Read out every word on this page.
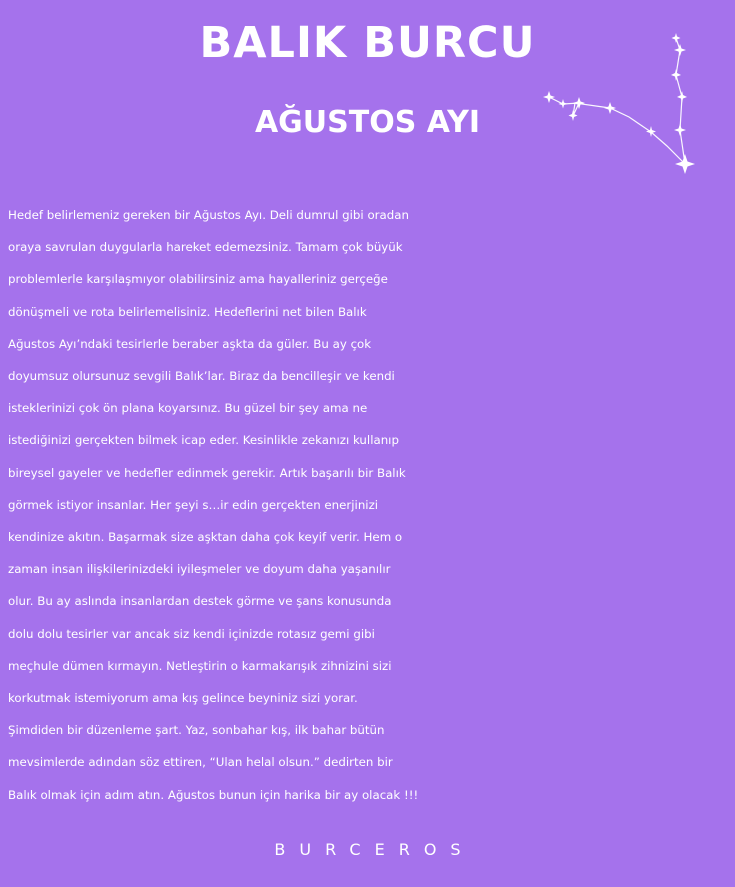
BALIK BURCU
AĞUSTOS AYI
Hedef belirlemeniz gereken bir Ağustos Ayı. Deli dumrul gibi oradan
oraya savrulan duygularla hareket edemezsiniz. Tamam çok büyük
problemlerle karşılaşmıyor olabilirsiniz ama hayalleriniz gerçeğe
dönüşmeli ve rota belirlemelisiniz. Hedeflerini net bilen Balık
Ağustos Ayı’ndaki tesirlerle beraber aşkta da güler. Bu ay çok
doyumsuz olursunuz sevgili Balık’lar. Biraz da bencilleşir ve kendi
isteklerinizi çok ön plana koyarsınız. Bu güzel bir şey ama ne
istediğinizi gerçekten bilmek icap eder. Kesinlikle zekanızı kullanıp
bireysel gayeler ve hedefler edinmek gerekir. Artık başarılı bir Balık
görmek istiyor insanlar. Her şeyi s…ir edin gerçekten enerjinizi
kendinize akıtın. Başarmak size aşktan daha çok keyif verir. Hem o
zaman insan ilişkilerinizdeki iyileşmeler ve doyum daha yaşanılır
olur. Bu ay aslında insanlardan destek görme ve şans konusunda
dolu dolu tesirler var ancak siz kendi içinizde rotasız gemi gibi
meçhule dümen kırmayın. Netleştirin o karmakarışık zihnizini sizi
korkutmak istemiyorum ama kış gelince beyniniz sizi yorar.
Şimdiden bir düzenleme şart. Yaz, sonbahar kış, ilk bahar bütün
mevsimlerde adından söz ettiren, “Ulan helal olsun.” dedirten bir
Balık olmak için adım atın. Ağustos bunun için harika bir ay olacak !!!
BURCEROS
